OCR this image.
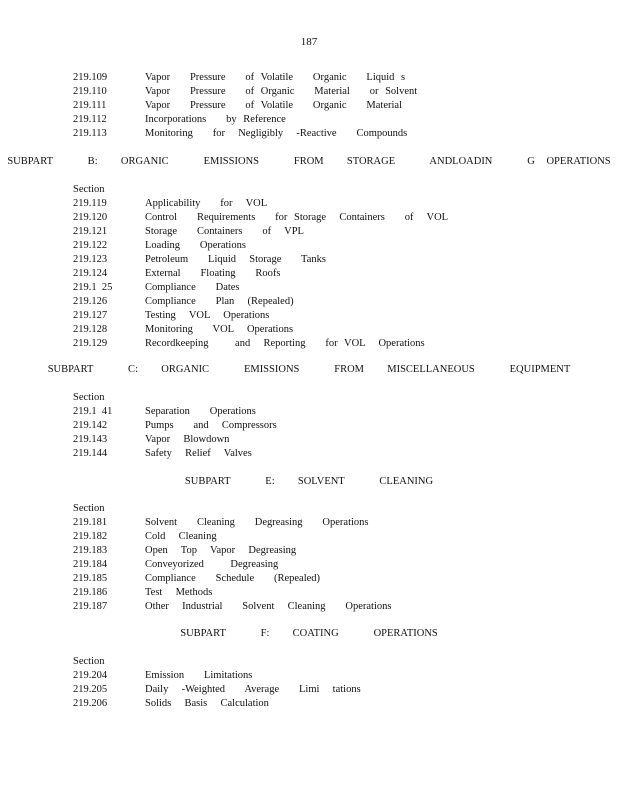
187
219.109	Vapor   Pressure   of Volatile   Organic   Liquid s
219.110	Vapor   Pressure   of Organic   Material   or Solvent
219.111	Vapor   Pressure   of Volatile   Organic   Material
219.112	Incorporations   by Reference
219.113	Monitoring   for  Negligibly  -Reactive   Compounds
SUBPART   B:  ORGANIC   EMISSIONS   FROM  STORAGE   ANDLOADIN   G OPERATIONS
Section
219.119	Applicability   for  VOL
219.120	Control   Requirements   for Storage  Containers   of  VOL
219.121	Storage   Containers   of  VPL
219.122	Loading   Operations
219.123	Petroleum   Liquid  Storage   Tanks
219.124	External   Floating   Roofs
219.1  25	Compliance   Dates
219.126	Compliance   Plan  (Repealed)
219.127	Testing  VOL  Operations
219.128	Monitoring   VOL  Operations
219.129	Recordkeeping    and  Reporting   for VOL  Operations
SUBPART   C:  ORGANIC   EMISSIONS   FROM  MISCELLANEOUS   EQUIPMENT
Section
219.1  41	Separation   Operations
219.142	Pumps   and  Compressors
219.143	Vapor  Blowdown
219.144	Safety  Relief  Valves
SUBPART   E:  SOLVENT   CLEANING
Section
219.181	Solvent   Cleaning   Degreasing   Operations
219.182	Cold  Cleaning
219.183	Open  Top  Vapor  Degreasing
219.184	Conveyorized    Degreasing
219.185	Compliance   Schedule   (Repealed)
219.186	Test  Methods
219.187	Other  Industrial   Solvent  Cleaning   Operations
SUBPART   F:  COATING   OPERATIONS
Section
219.204	Emission   Limitations
219.205	Daily  -Weighted   Average   Limi  tations
219.206	Solids  Basis  Calculation
